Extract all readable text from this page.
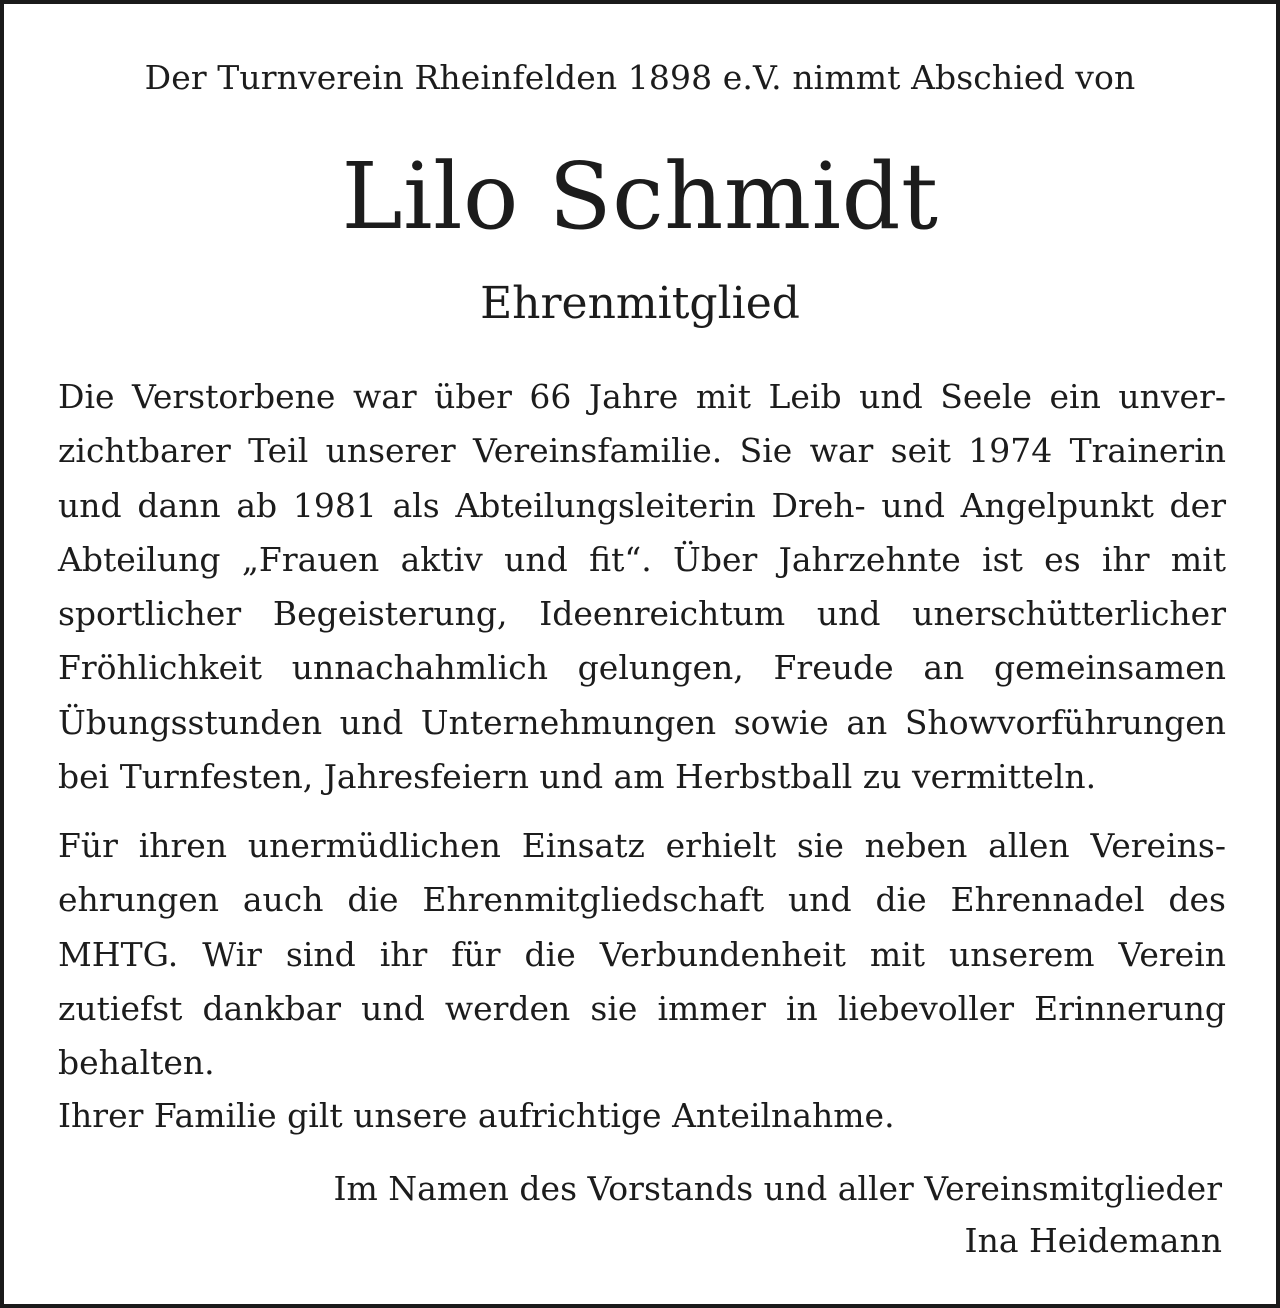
Der Turnverein Rheinfelden 1898 e.V. nimmt Abschied von
Lilo Schmidt
Ehrenmitglied
Die Verstorbene war über 66 Jahre mit Leib und Seele ein unverzichtbarer Teil unserer Vereinsfamilie. Sie war seit 1974 Trainerin und dann ab 1981 als Abteilungsleiterin Dreh- und Angelpunkt der Abteilung „Frauen aktiv und fit“. Über Jahrzehnte ist es ihr mit sportlicher Begeisterung, Ideenreichtum und unerschütterlicher Fröhlichkeit unnachahmlich gelungen, Freude an gemeinsamen Übungsstunden und Unternehmungen sowie an Showvorführungen bei Turnfesten, Jahresfeiern und am Herbstball zu vermitteln.
Für ihren unermüdlichen Einsatz erhielt sie neben allen Vereinsehrungen auch die Ehrenmitgliedschaft und die Ehrennadel des MHTG. Wir sind ihr für die Verbundenheit mit unserem Verein zutiefst dankbar und werden sie immer in liebevoller Erinnerung behalten.
Ihrer Familie gilt unsere aufrichtige Anteilnahme.
Im Namen des Vorstands und aller Vereinsmitglieder
Ina Heidemann
